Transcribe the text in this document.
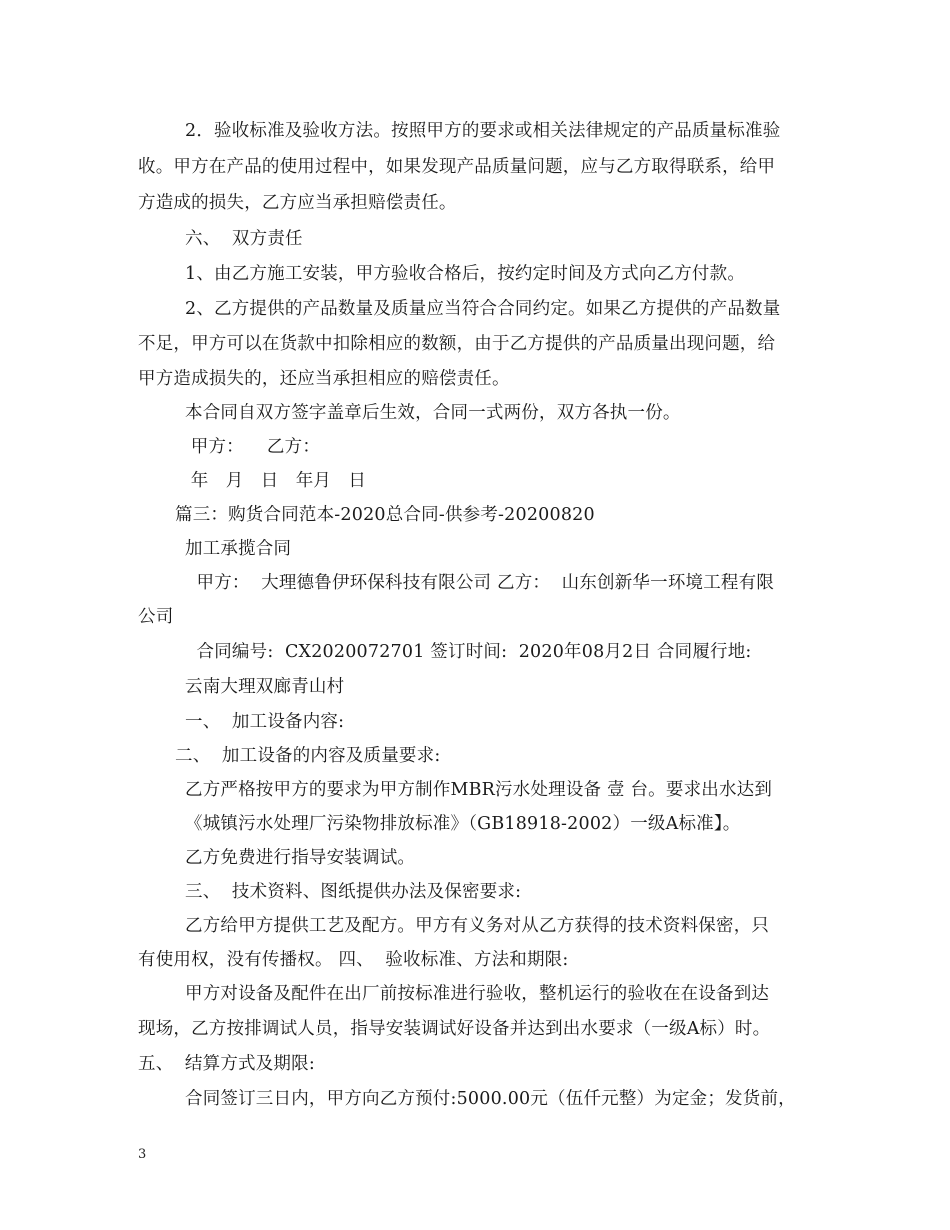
2．验收标准及验收方法。按照甲方的要求或相关法律规定的产品质量标准验
收。甲方在产品的使用过程中，如果发现产品质量问题，应与乙方取得联系，给甲
方造成的损失，乙方应当承担赔偿责任。
六、  双方责任
1、由乙方施工安装，甲方验收合格后，按约定时间及方式向乙方付款。
2、乙方提供的产品数量及质量应当符合合同约定。如果乙方提供的产品数量
不足，甲方可以在货款中扣除相应的数额，由于乙方提供的产品质量出现问题，给
甲方造成损失的，还应当承担相应的赔偿责任。
本合同自双方签字盖章后生效，合同一式两份，双方各执一份。
甲方：    乙方：
年   月   日   年月   日
篇三：购货合同范本-2020总合同-供参考-20200820
加工承揽合同
甲方：  大理德鲁伊环保科技有限公司 乙方：  山东创新华一环境工程有限
公司
合同编号:  CX2020072701 签订时间:  2020年08月2日 合同履行地:
云南大理双廊青山村
一、  加工设备内容:
二、  加工设备的内容及质量要求:
乙方严格按甲方的要求为甲方制作MBR污水处理设备 壹 台。要求出水达到
《城镇污水处理厂污染物排放标准》（GB18918-2002）一级A标准】。
乙方免费进行指导安装调试。
三、  技术资料、图纸提供办法及保密要求:
乙方给甲方提供工艺及配方。甲方有义务对从乙方获得的技术资料保密，只
有使用权，没有传播权。 四、  验收标准、方法和期限:
甲方对设备及配件在出厂前按标准进行验收，整机运行的验收在在设备到达
现场，乙方按排调试人员，指导安装调试好设备并达到出水要求（一级A标）时。
五、  结算方式及期限:
合同签订三日内，甲方向乙方预付:5000.00元（伍仟元整）为定金；发货前，
3
